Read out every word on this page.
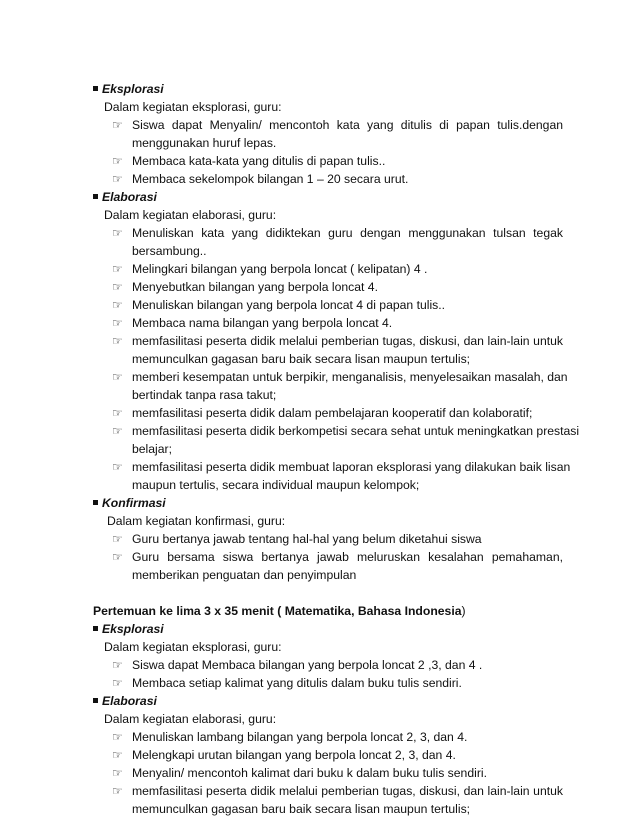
Eksplorasi
Dalam kegiatan eksplorasi, guru:
☞ Siswa dapat Menyalin/ mencontoh kata yang ditulis di papan tulis.dengan
menggunakan huruf lepas.
☞ Membaca kata-kata yang ditulis di papan tulis..
☞ Membaca sekelompok bilangan 1 – 20 secara urut.
Elaborasi
Dalam kegiatan elaborasi, guru:
☞ Menuliskan kata yang didiktekan guru dengan menggunakan tulsan tegak
bersambung..
☞ Melingkari bilangan yang berpola loncat ( kelipatan) 4 .
☞ Menyebutkan bilangan yang berpola loncat 4.
☞ Menuliskan bilangan yang berpola loncat 4 di papan tulis..
☞ Membaca nama bilangan yang berpola loncat 4.
☞ memfasilitasi peserta didik melalui pemberian tugas, diskusi, dan lain-lain untuk
memunculkan gagasan baru baik secara lisan maupun tertulis;
☞ memberi kesempatan untuk berpikir, menganalisis, menyelesaikan masalah, dan
bertindak tanpa rasa takut;
☞ memfasilitasi peserta didik dalam pembelajaran kooperatif dan kolaboratif;
☞ memfasilitasi peserta didik berkompetisi secara sehat untuk meningkatkan prestasi
belajar;
☞ memfasilitasi peserta didik membuat laporan eksplorasi yang dilakukan baik lisan
maupun tertulis, secara individual maupun kelompok;
Konfirmasi
Dalam kegiatan konfirmasi, guru:
☞ Guru bertanya jawab tentang hal-hal yang belum diketahui siswa
☞ Guru bersama siswa bertanya jawab meluruskan kesalahan pemahaman,
memberikan penguatan dan penyimpulan
Pertemuan ke lima 3 x 35 menit ( Matematika, Bahasa Indonesia)
Eksplorasi
Dalam kegiatan eksplorasi, guru:
☞ Siswa dapat Membaca bilangan yang berpola loncat 2 ,3, dan 4 .
☞ Membaca setiap kalimat yang ditulis dalam buku tulis sendiri.
Elaborasi
Dalam kegiatan elaborasi, guru:
☞ Menuliskan lambang bilangan yang berpola loncat 2, 3, dan 4.
☞ Melengkapi urutan bilangan yang berpola loncat 2, 3, dan 4.
☞ Menyalin/ mencontoh kalimat dari buku k dalam buku tulis sendiri.
☞ memfasilitasi peserta didik melalui pemberian tugas, diskusi, dan lain-lain untuk
memunculkan gagasan baru baik secara lisan maupun tertulis;
